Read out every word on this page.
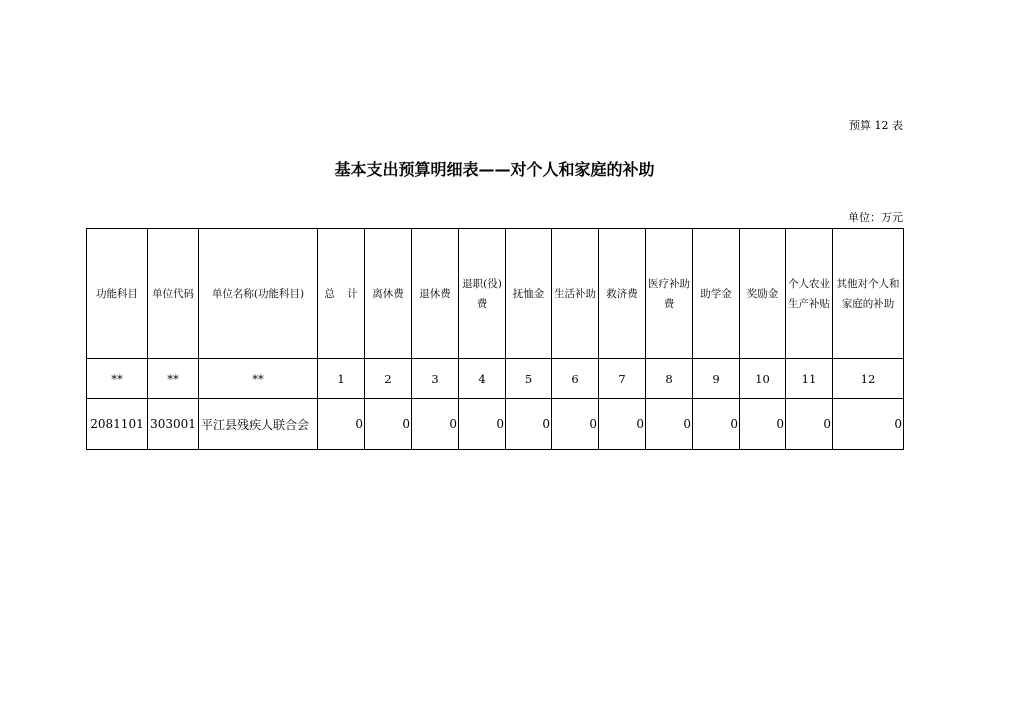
预算 12 表
基本支出预算明细表——对个人和家庭的补助
单位：万元
功能科目	单位代码	单位名称(功能科目)	总 计	离休费	退休费	退职(役)费	抚恤金	生活补助	救济费	医疗补助费	助学金	奖励金	个人农业生产补贴	其他对个人和家庭的补助
**	**	**	1	2	3	4	5	6	7	8	9	10	11	12
2081101	303001	平江县残疾人联合会	0	0	0	0	0	0	0	0	0	0	0	0
